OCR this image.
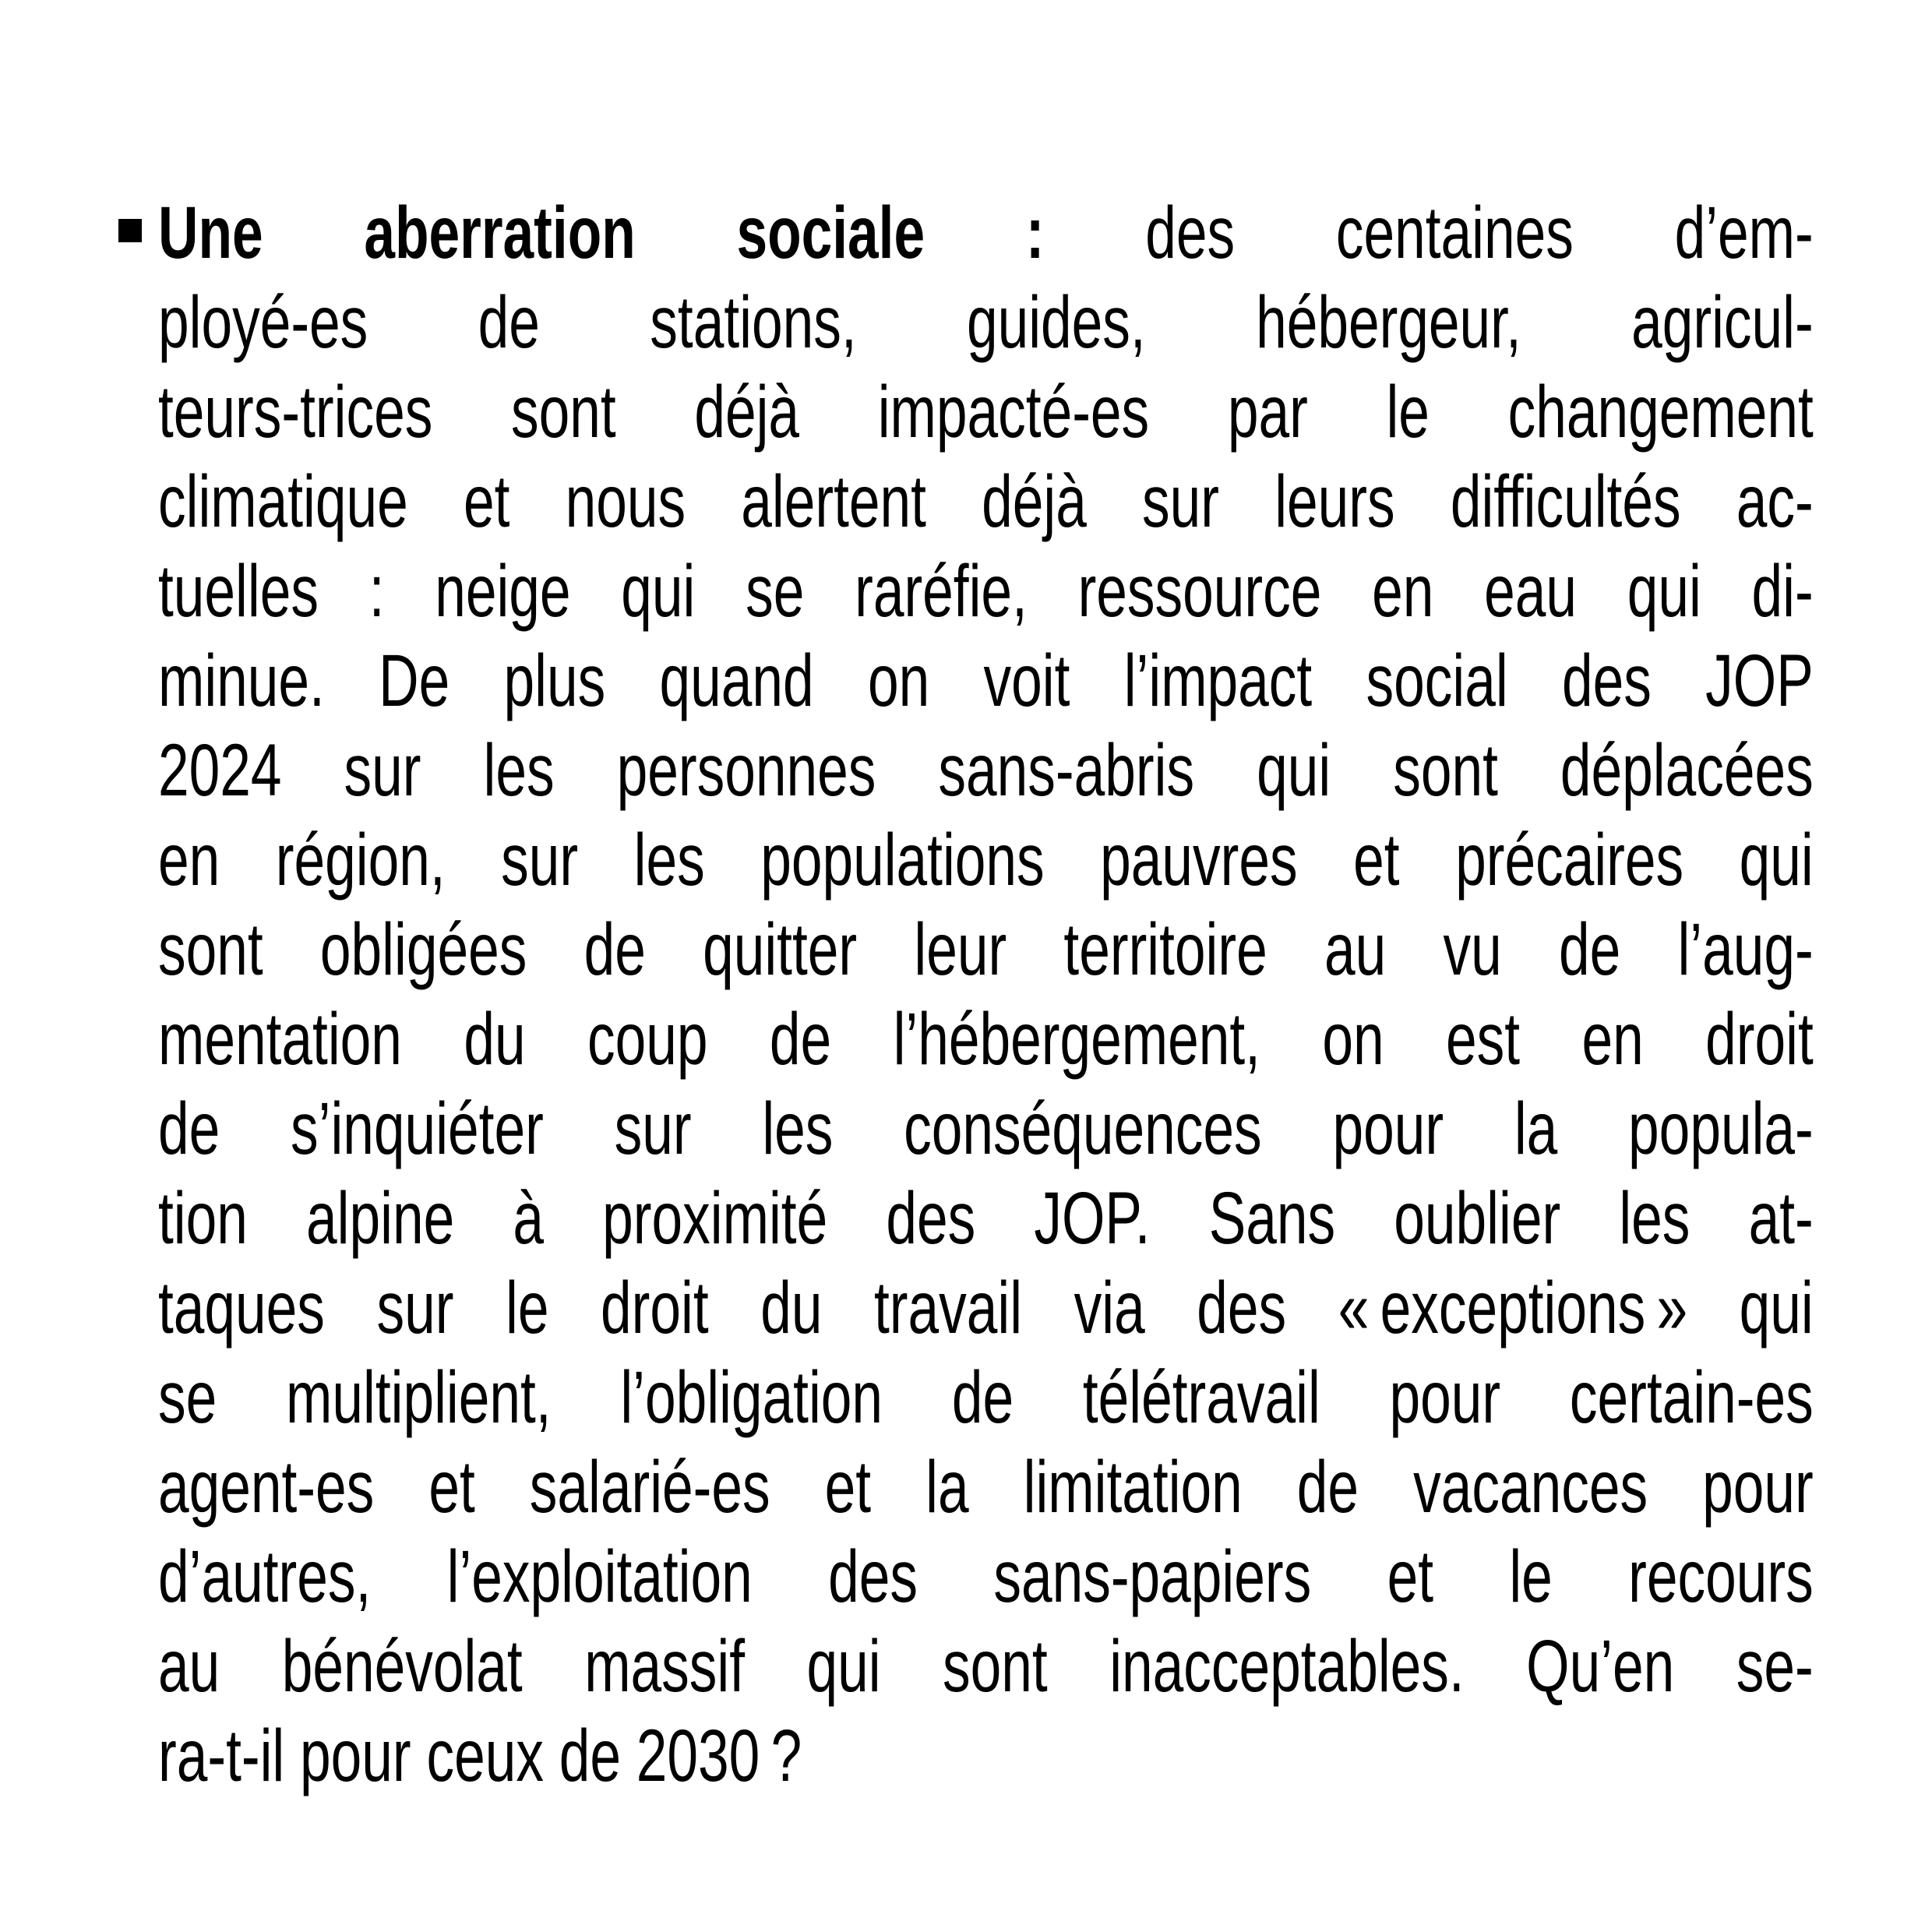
Une aberration sociale : des centaines d’em-
ployé-es de stations, guides, hébergeur, agricul-
teurs-trices sont déjà impacté-es par le changement
climatique et nous alertent déjà sur leurs difficultés ac-
tuelles : neige qui se raréfie, ressource en eau qui di-
minue. De plus quand on voit l’impact social des JOP
2024 sur les personnes sans-abris qui sont déplacées
en région, sur les populations pauvres et précaires qui
sont obligées de quitter leur territoire au vu de l’aug-
mentation du coup de l’hébergement, on est en droit
de s’inquiéter sur les conséquences pour la popula-
tion alpine à proximité des JOP. Sans oublier les at-
taques sur le droit du travail via des « exceptions » qui
se multiplient, l’obligation de télétravail pour certain-es
agent-es et salarié-es et la limitation de vacances pour
d’autres, l’exploitation des sans-papiers et le recours
au bénévolat massif qui sont inacceptables. Qu’en se-
ra-t-il pour ceux de 2030 ?
